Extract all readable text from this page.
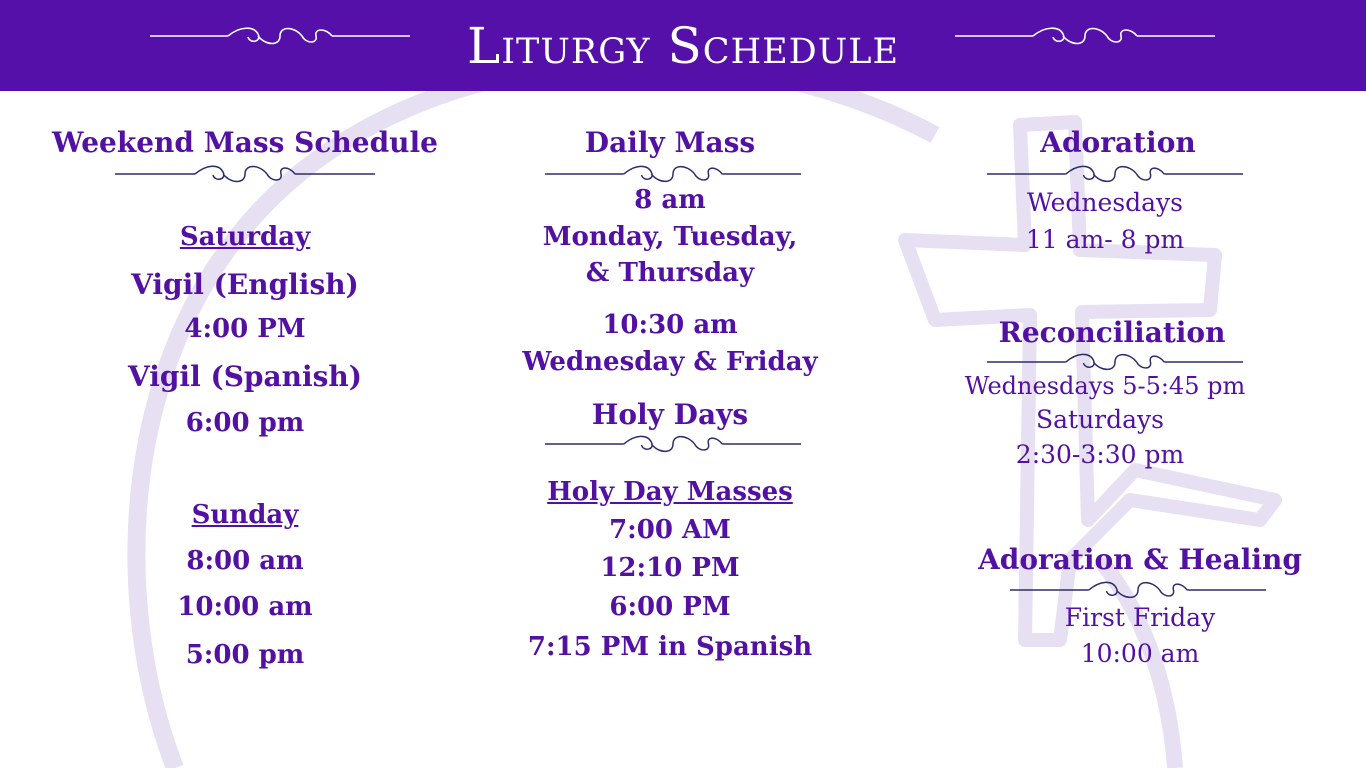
Liturgy Schedule
Weekend Mass Schedule
Saturday
Vigil (English)
4:00 PM
Vigil (Spanish)
6:00 pm
Sunday
8:00 am
10:00 am
5:00 pm
Daily Mass
8 am
Monday, Tuesday,
& Thursday
10:30 am
Wednesday & Friday
Holy Days
Holy Day Masses
7:00 AM
12:10 PM
6:00 PM
7:15 PM in Spanish
Adoration
Wednesdays
11 am- 8 pm
Reconciliation
Wednesdays 5-5:45 pm
Saturdays
2:30-3:30 pm
Adoration & Healing
First Friday
10:00 am
